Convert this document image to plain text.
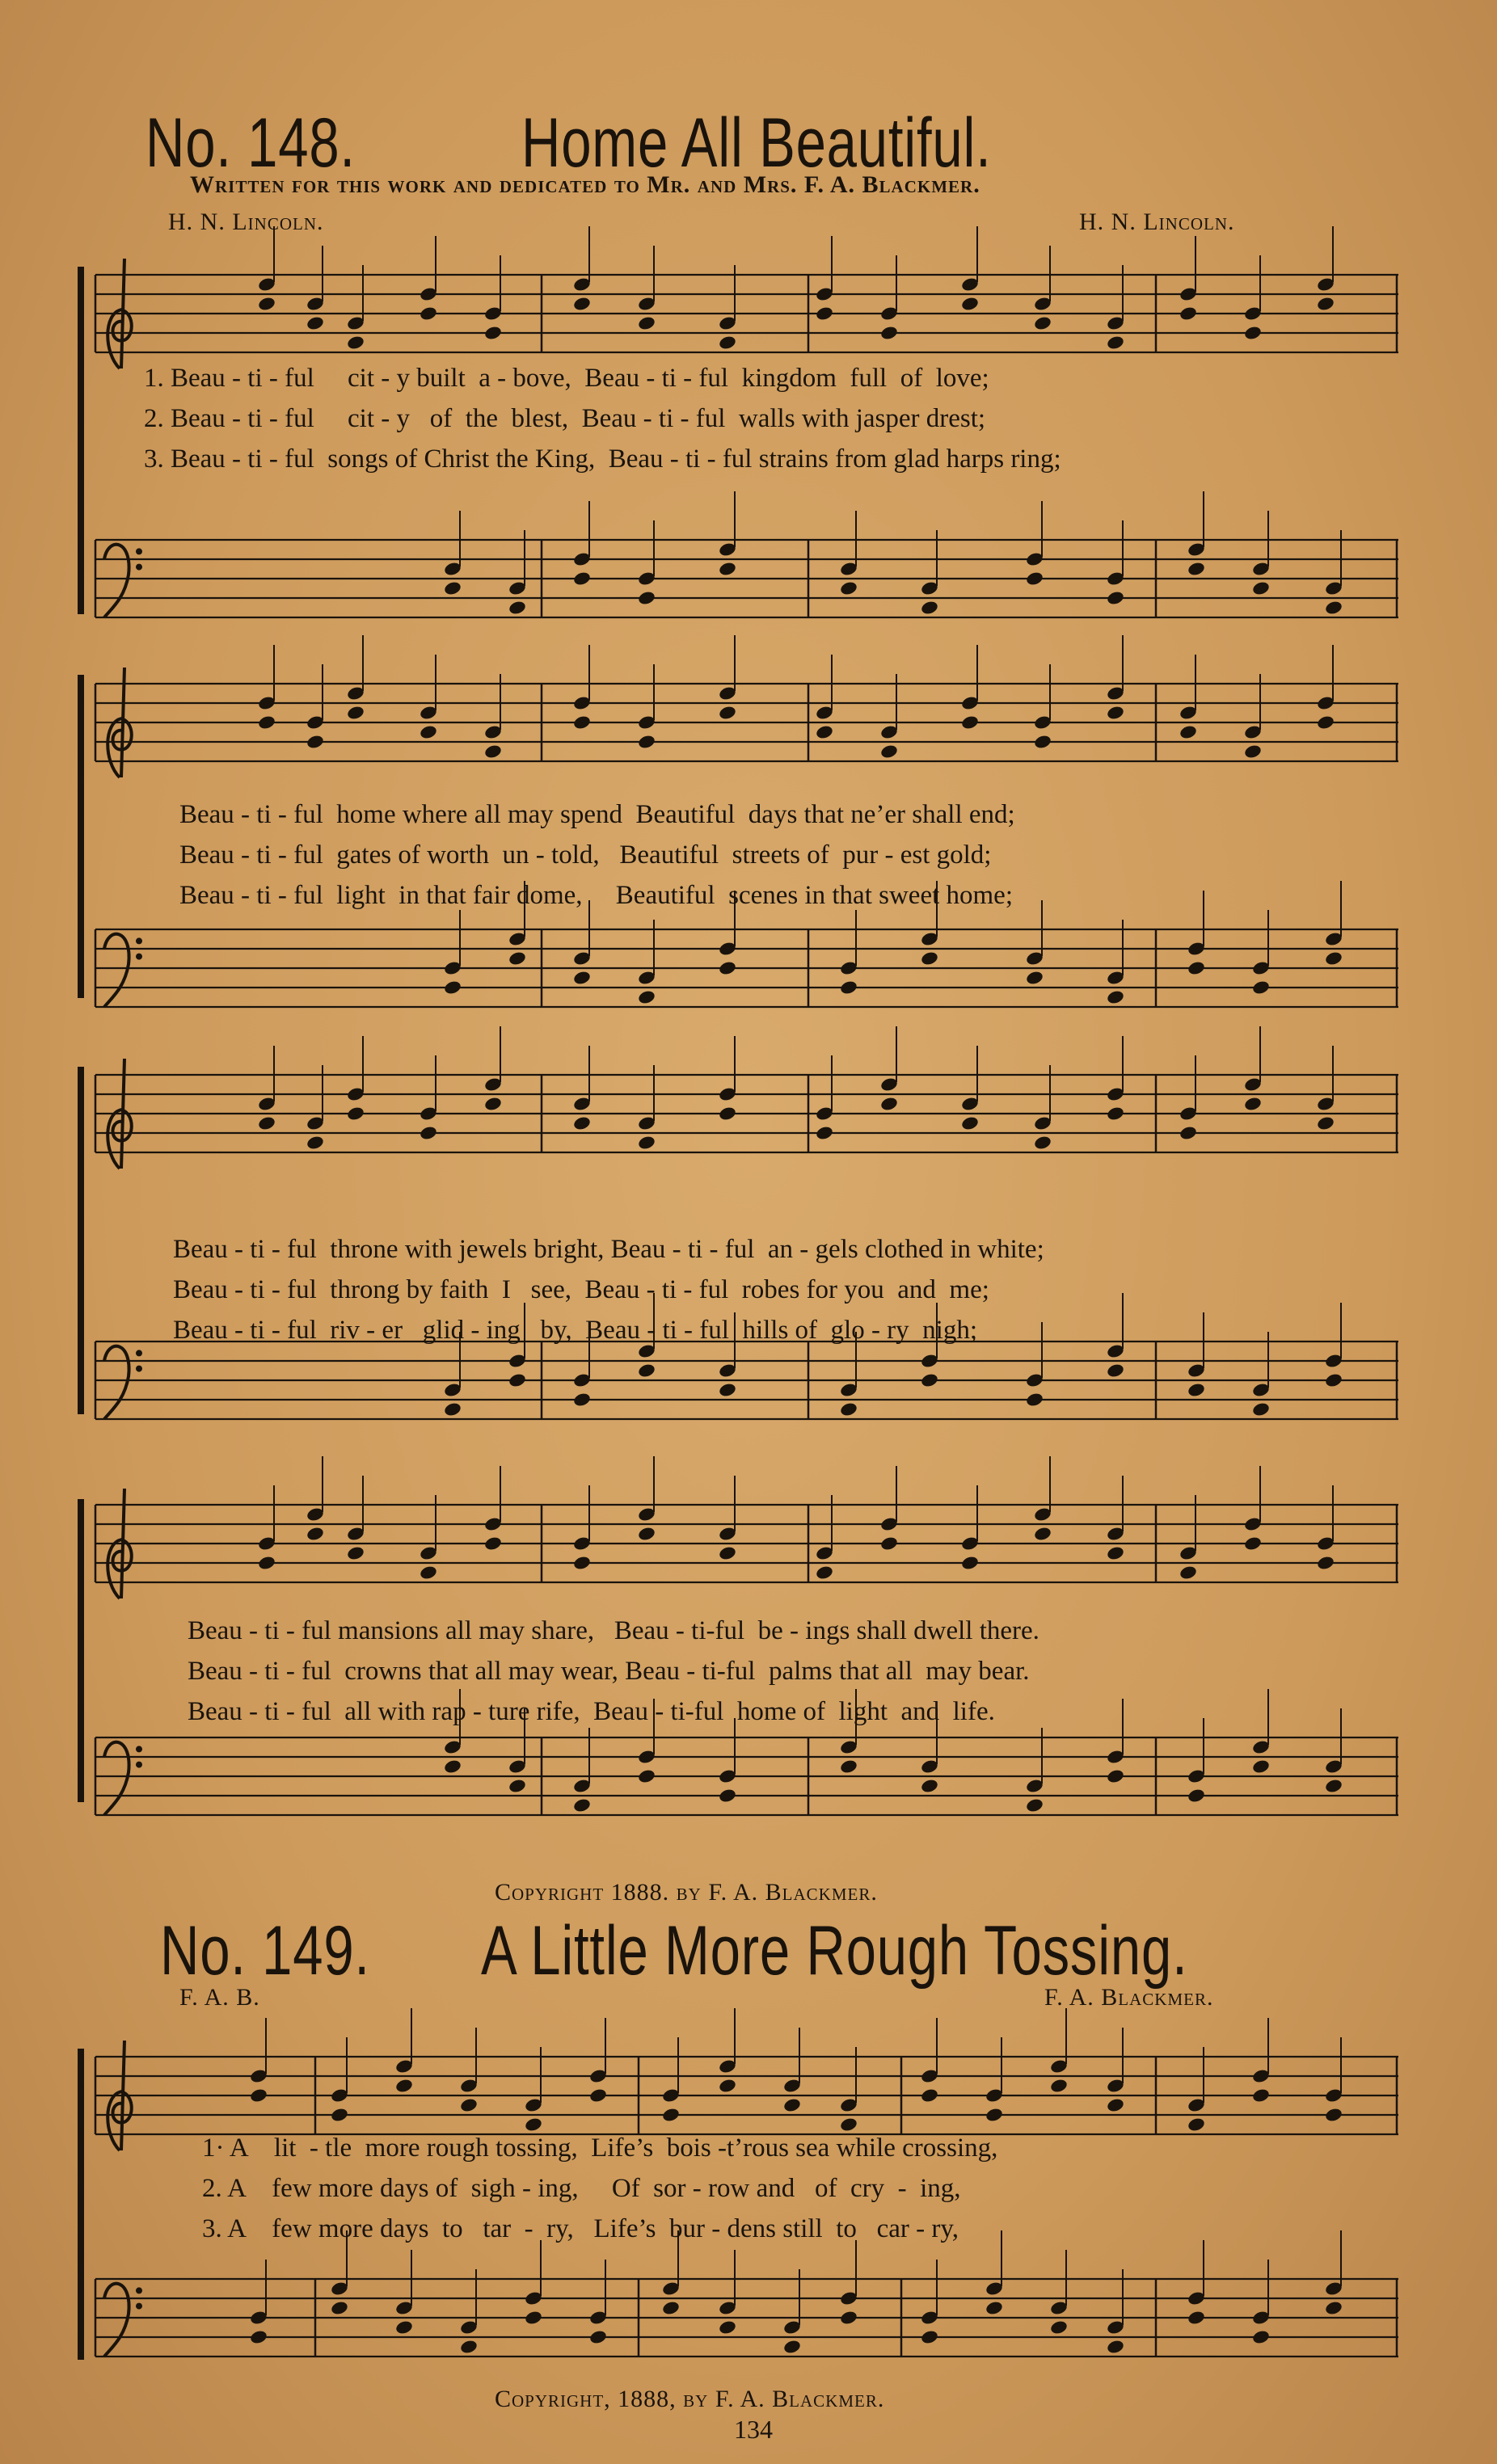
No. 148. Home All Beautiful.
Written for this work and dedicated to Mr. and Mrs. F. A. Blackmer.
H. N. Lincoln.	H. N. Lincoln.
1. Beau - ti - ful     cit - y built  a - bove,  Beau - ti - ful  kingdom  full  of  love;
2. Beau - ti - ful     cit - y   of  the  blest,  Beau - ti - ful  walls with jasper drest;
3. Beau - ti - ful  songs of Christ the King,  Beau - ti - ful strains from glad harps ring;
Beau - ti - ful  home where all may spend  Beautiful  days that ne’er shall end;
Beau - ti - ful  gates of worth  un - told,   Beautiful  streets of  pur - est gold;
Beau - ti - ful  light  in that fair dome,     Beautiful  scenes in that sweet home;
Beau - ti - ful  throne with jewels bright, Beau - ti - ful  an - gels clothed in white;
Beau - ti - ful  throng by faith  I   see,  Beau - ti - ful  robes for you  and  me;
Beau - ti - ful  riv - er   glid - ing   by,  Beau - ti - ful  hills of  glo - ry  nigh;
Beau - ti - ful mansions all may share,   Beau - ti-ful  be - ings shall dwell there.
Beau - ti - ful  crowns that all may wear, Beau - ti-ful  palms that all  may bear.
Beau - ti - ful  all with rap - ture rife,  Beau - ti-ful  home of  light  and  life.
Copyright 1888. by F. A. Blackmer.
No. 149. A Little More Rough Tossing.
F. A. B.	F. A. Blackmer.
1· A    lit  - tle  more rough tossing,  Life’s  bois -t’rous sea while crossing,
2. A    few more days of  sigh - ing,     Of  sor - row and   of  cry  -  ing,
3. A    few more days  to   tar  -  ry,   Life’s  bur - dens still  to   car - ry,
Copyright, 1888, by F. A. Blackmer.
134
